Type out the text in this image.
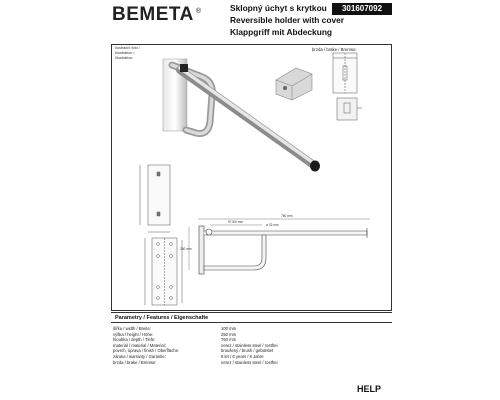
BEMETA ®	Sklopný úchyt s krytkou
Reversible holder with cover
Klappgriff mit Abdeckung
301607092
Ilustrační foto /
Illustration /
Illustration:
brzda / brake / Bremse:
760 mm
97,5/6 mm
ø 32 mm
250 mm
Parametry / Features / Eigenschafte
šířka / width / Breite:	100 mm
výška / height / Höhe:	250 mm
hloubka / depth / Tiefe:	760 mm
materiál / material / Material:	nerez / stainless steel / rostfrei
povrch, úprava / finish / Oberfläche:	broušený / brush / gebürstet
záruka / warranty / Garantie:	6 let / 6 years / 6 Jahre
brzda / brake / Bremse:	nerez / stainless steel / rostfrei
HELP
